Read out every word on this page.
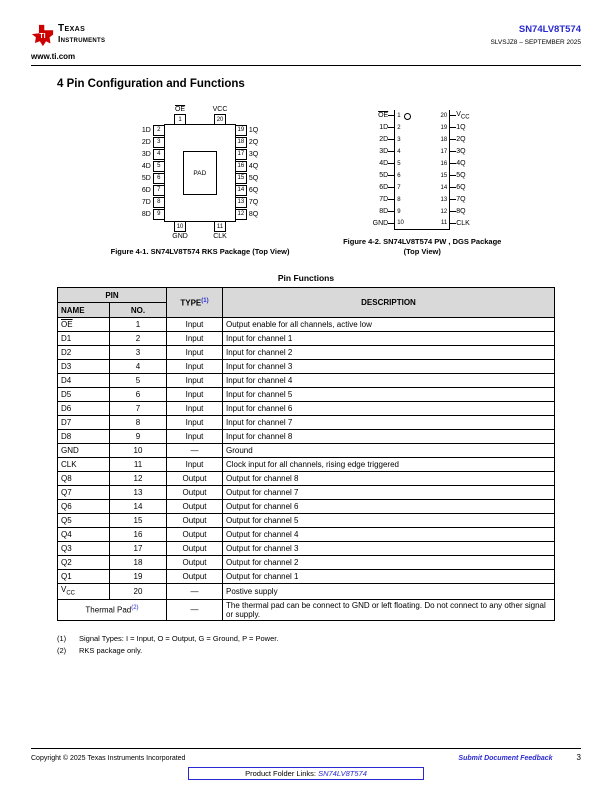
TI
Texas
Instruments
www.ti.com
SN74LV8T574
SLVSJZ8 – SEPTEMBER 2025
4 Pin Configuration and Functions
$\overline{OE}$
1
VCC
20
1D
2D
3D
4D
5D
6D
7D
8D
2
3
4
5
6
7
8
9
PAD
19
18
17
16
15
14
13
12
1Q
2Q
3Q
4Q
5Q
6Q
7Q
8Q
10
GND
11
CLK
Figure 4-1. SN74LV8T574 RKS Package (Top View)
$\overline{OE}$ 1	20 $V_{CC}$
1D 2	19 1Q
2D 3	18 2Q
3D 4	17 3Q
4D 5	16 4Q
5D 6	15 5Q
6D 7	14 6Q
7D 8	13 7Q
8D 9	12 8Q
GND 10	11 CLK
Figure 4-2. SN74LV8T574 PW , DGS Package
(Top View)
Pin Functions
PIN		TYPE$^{(1)}$	DESCRIPTION
NAME	NO.		
$\overline{OE}$	1	Input	Output enable for all channels, active low
D1	2	Input	Input for channel 1
D2	3	Input	Input for channel 2
D3	4	Input	Input for channel 3
D4	5	Input	Input for channel 4
D5	6	Input	Input for channel 5
D6	7	Input	Input for channel 6
D7	8	Input	Input for channel 7
D8	9	Input	Input for channel 8
GND	10	—	Ground
CLK	11	Input	Clock input for all channels, rising edge triggered
Q8	12	Output	Output for channel 8
Q7	13	Output	Output for channel 7
Q6	14	Output	Output for channel 6
Q5	15	Output	Output for channel 5
Q4	16	Output	Output for channel 4
Q3	17	Output	Output for channel 3
Q2	18	Output	Output for channel 2
Q1	19	Output	Output for channel 1
$V_{CC}$	20	—	Postive supply
Thermal Pad$^{(2)}$		—	The thermal pad can be connect to GND or left floating. Do not connect to any other signal or supply.
(1)	Signal Types: I = Input, O = Output, G = Ground, P = Power.
(2)	RKS package only.
Copyright © 2025 Texas Instruments Incorporated	Submit Document Feedback	3
Product Folder Links: SN74LV8T574
